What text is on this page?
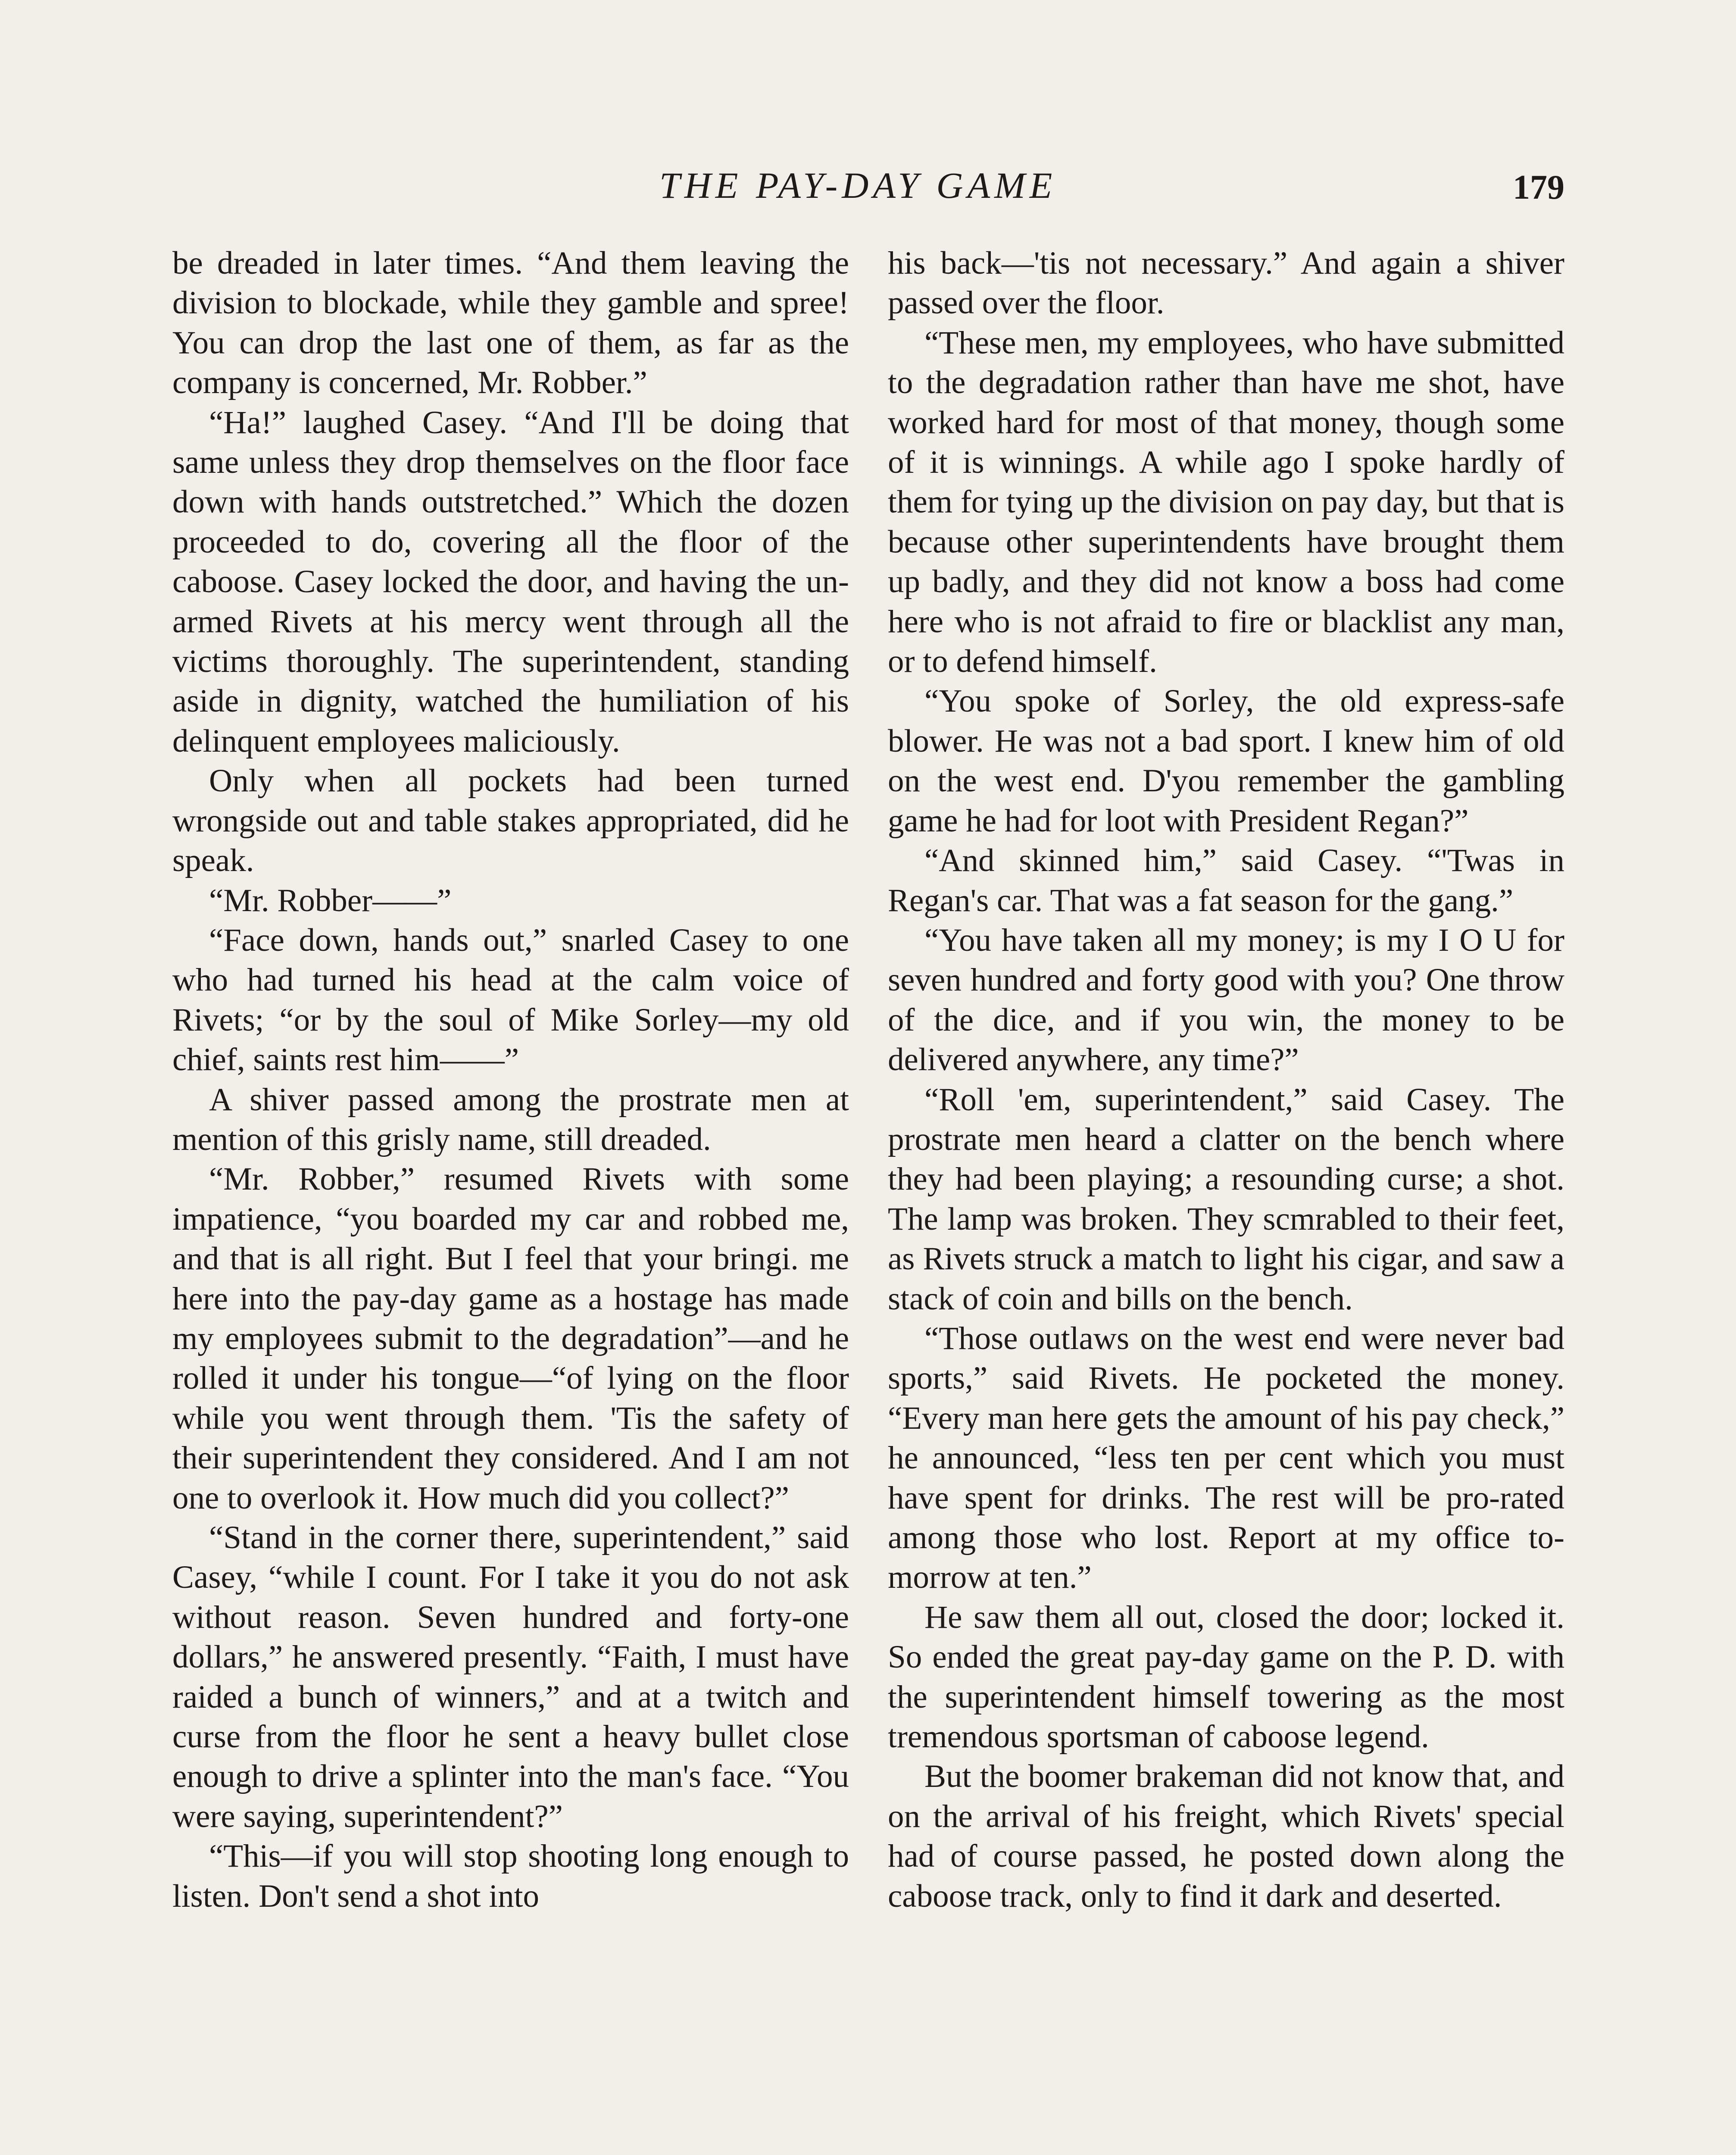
THE PAY-DAY GAME	179

be dreaded in later times. “And them leaving the division to blockade, while they gamble and spree! You can drop the last one of them, as far as the company is concerned, Mr. Robber.”

“Ha!” laughed Casey. “And I'll be doing that same unless they drop themselves on the floor face down with hands outstretched.” Which the dozen proceeded to do, covering all the floor of the caboose. Casey locked the door, and having the unarmed Rivets at his mercy went through all the victims thoroughly. The superintendent, standing aside in dignity, watched the humiliation of his delinquent employees maliciously.

Only when all pockets had been turned wrongside out and table stakes appropriated, did he speak.

“Mr. Robber——”

“Face down, hands out,” snarled Casey to one who had turned his head at the calm voice of Rivets; “or by the soul of Mike Sorley—my old chief, saints rest him——”

A shiver passed among the prostrate men at mention of this grisly name, still dreaded.

“Mr. Robber,” resumed Rivets with some impatience, “you boarded my car and robbed me, and that is all right. But I feel that your bringi. me here into the pay-day game as a hostage has made my employees submit to the degradation”—and he rolled it under his tongue—“of lying on the floor while you went through them. 'Tis the safety of their superintendent they considered. And I am not one to overlook it. How much did you collect?”

“Stand in the corner there, superintendent,” said Casey, “while I count. For I take it you do not ask without reason. Seven hundred and forty-one dollars,” he answered presently. “Faith, I must have raided a bunch of winners,” and at a twitch and curse from the floor he sent a heavy bullet close enough to drive a splinter into the man's face. “You were saying, superintendent?”

“This—if you will stop shooting long enough to listen. Don't send a shot into

his back—'tis not necessary.” And again a shiver passed over the floor.

“These men, my employees, who have submitted to the degradation rather than have me shot, have worked hard for most of that money, though some of it is winnings. A while ago I spoke hardly of them for tying up the division on pay day, but that is because other superintendents have brought them up badly, and they did not know a boss had come here who is not afraid to fire or blacklist any man, or to defend himself.

“You spoke of Sorley, the old express-safe blower. He was not a bad sport. I knew him of old on the west end. D'you remember the gambling game he had for loot with President Regan?”

“And skinned him,” said Casey. “'Twas in Regan's car. That was a fat season for the gang.”

“You have taken all my money; is my I O U for seven hundred and forty good with you? One throw of the dice, and if you win, the money to be delivered anywhere, any time?”

“Roll 'em, superintendent,” said Casey. The prostrate men heard a clatter on the bench where they had been playing; a resounding curse; a shot. The lamp was broken. They scmrabled to their feet, as Rivets struck a match to light his cigar, and saw a stack of coin and bills on the bench.

“Those outlaws on the west end were never bad sports,” said Rivets. He pocketed the money. “Every man here gets the amount of his pay check,” he announced, “less ten per cent which you must have spent for drinks. The rest will be pro-rated among those who lost. Report at my office to-morrow at ten.”

He saw them all out, closed the door; locked it. So ended the great pay-day game on the P. D. with the superintendent himself towering as the most tremendous sportsman of caboose legend.

But the boomer brakeman did not know that, and on the arrival of his freight, which Rivets' special had of course passed, he posted down along the caboose track, only to find it dark and deserted.
